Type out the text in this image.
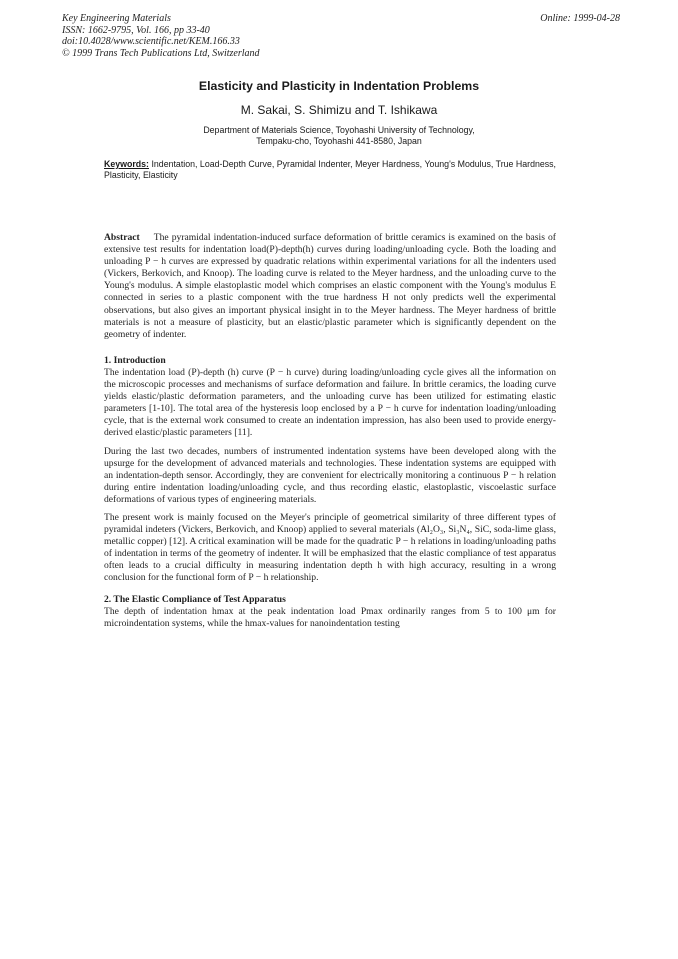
Key Engineering Materials
ISSN: 1662-9795, Vol. 166, pp 33-40
doi:10.4028/www.scientific.net/KEM.166.33
© 1999 Trans Tech Publications Ltd, Switzerland
Online: 1999-04-28
Elasticity and Plasticity in Indentation Problems
M. Sakai, S. Shimizu and T. Ishikawa
Department of Materials Science, Toyohashi University of Technology,
Tempaku-cho, Toyohashi 441-8580, Japan
Keywords: Indentation, Load-Depth Curve, Pyramidal Indenter, Meyer Hardness, Young's Modulus, True Hardness, Plasticity, Elasticity

Abstract The pyramidal indentation-induced surface deformation of brittle ceramics is examined on the basis of extensive test results for indentation load(P)-depth(h) curves during loading/unloading cycle. Both the loading and unloading P − h curves are expressed by quadratic relations within experimental variations for all the indenters used (Vickers, Berkovich, and Knoop). The loading curve is related to the Meyer hardness, and the unloading curve to the Young's modulus. A simple elastoplastic model which comprises an elastic component with the Young's modulus E connected in series to a plastic component with the true hardness H not only predicts well the experimental observations, but also gives an important physical insight in to the Meyer hardness. The Meyer hardness of brittle materials is not a measure of plasticity, but an elastic/plastic parameter which is significantly dependent on the geometry of indenter.

1. Introduction

The indentation load (P)-depth (h) curve (P − h curve) during loading/unloading cycle gives all the information on the microscopic processes and mechanisms of surface deformation and failure. In brittle ceramics, the loading curve yields elastic/plastic deformation parameters, and the unloading curve has been utilized for estimating elastic parameters [1-10]. The total area of the hysteresis loop enclosed by a P − h curve for indentation loading/unloading cycle, that is the external work consumed to create an indentation impression, has also been used to provide energy-derived elastic/plastic parameters [11].

During the last two decades, numbers of instrumented indentation systems have been developed along with the upsurge for the development of advanced materials and technologies. These indentation systems are equipped with an indentation-depth sensor. Accordingly, they are convenient for electrically monitoring a continuous P − h relation during entire indentation loading/unloading cycle, and thus recording elastic, elastoplastic, viscoelastic surface deformations of various types of engineering materials.

The present work is mainly focused on the Meyer's principle of geometrical similarity of three different types of pyramidal indeters (Vickers, Berkovich, and Knoop) applied to several materials (Al₂O₃, Si₃N₄, SiC, soda-lime glass, metallic copper) [12]. A critical examination will be made for the quadratic P − h relations in loading/unloading paths of indentation in terms of the geometry of indenter. It will be emphasized that the elastic compliance of test apparatus often leads to a crucial difficulty in measuring indentation depth h with high accuracy, resulting in a wrong conclusion for the functional form of P − h relationship.

2. The Elastic Compliance of Test Apparatus

The depth of indentation hmax at the peak indentation load Pmax ordinarily ranges from 5 to 100 μm for microindentation systems, while the hmax-values for nanoindentation testing
